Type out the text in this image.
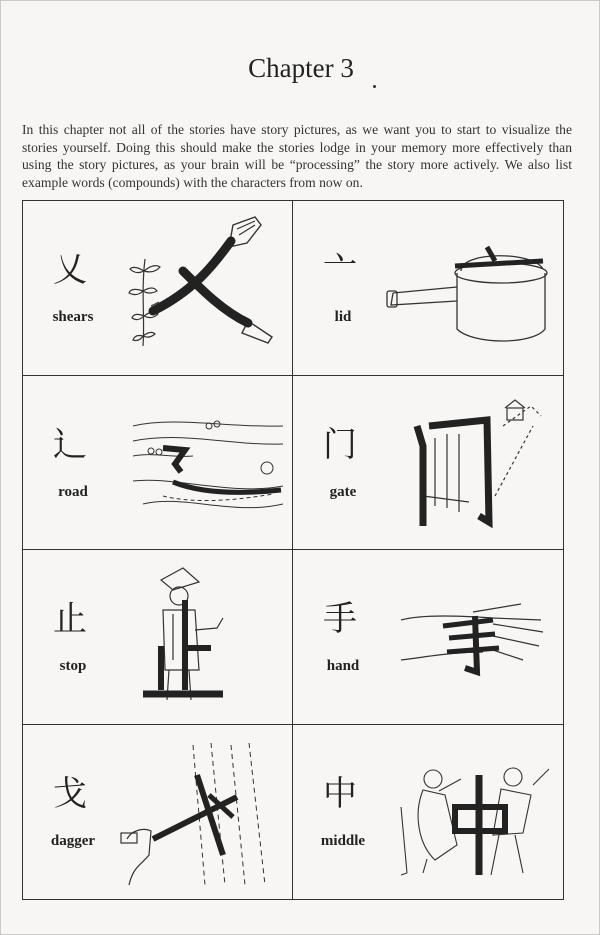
Chapter 3
In this chapter not all of the stories have story pictures, as we want you to start to visualize the stories yourself. Doing this should make the stories lodge in your memory more effectively than using the story pictures, as your brain will be “processing” the story more actively. We also list example words (compounds) with the characters from now on.
乂
shears
亠
lid
辶
road
门
gate
止
stop
手
hand
戈
dagger
中
middle
